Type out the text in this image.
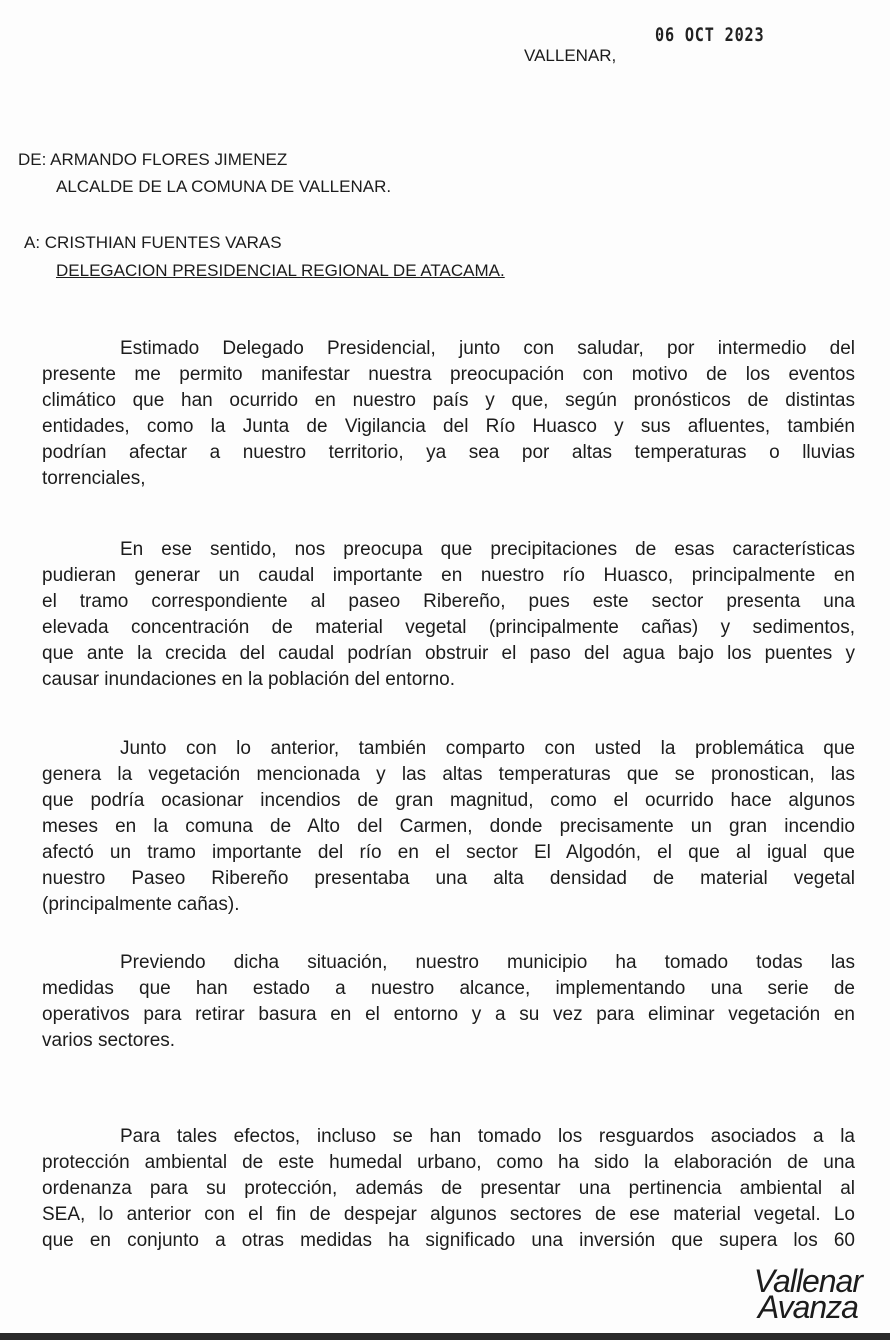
06 OCT 2023
VALLENAR,
DE: ARMANDO FLORES JIMENEZ
ALCALDE DE LA COMUNA DE VALLENAR.
A: CRISTHIAN FUENTES VARAS
DELEGACION PRESIDENCIAL REGIONAL DE ATACAMA.
Estimado Delegado Presidencial, junto con saludar, por intermedio del
presente me permito manifestar nuestra preocupación con motivo de los eventos
climático que han ocurrido en nuestro país y que, según pronósticos de distintas
entidades, como la Junta de Vigilancia del Río Huasco y sus afluentes, también
podrían afectar a nuestro territorio, ya sea por altas temperaturas o lluvias
torrenciales,
En ese sentido, nos preocupa que precipitaciones de esas características
pudieran generar un caudal importante en nuestro río Huasco, principalmente en
el tramo correspondiente al paseo Ribereño, pues este sector presenta una
elevada concentración de material vegetal (principalmente cañas) y sedimentos,
que ante la crecida del caudal podrían obstruir el paso del agua bajo los puentes y
causar inundaciones en la población del entorno.
Junto con lo anterior, también comparto con usted la problemática que
genera la vegetación mencionada y las altas temperaturas que se pronostican, las
que podría ocasionar incendios de gran magnitud, como el ocurrido hace algunos
meses en la comuna de Alto del Carmen, donde precisamente un gran incendio
afectó un tramo importante del río en el sector El Algodón, el que al igual que
nuestro Paseo Ribereño presentaba una alta densidad de material vegetal
(principalmente cañas).
Previendo dicha situación, nuestro municipio ha tomado todas las
medidas que han estado a nuestro alcance, implementando una serie de
operativos para retirar basura en el entorno y a su vez para eliminar vegetación en
varios sectores.
Para tales efectos, incluso se han tomado los resguardos asociados a la
protección ambiental de este humedal urbano, como ha sido la elaboración de una
ordenanza para su protección, además de presentar una pertinencia ambiental al
SEA, lo anterior con el fin de despejar algunos sectores de ese material vegetal. Lo
que en conjunto a otras medidas ha significado una inversión que supera los 60
Vallenar
Avanza
